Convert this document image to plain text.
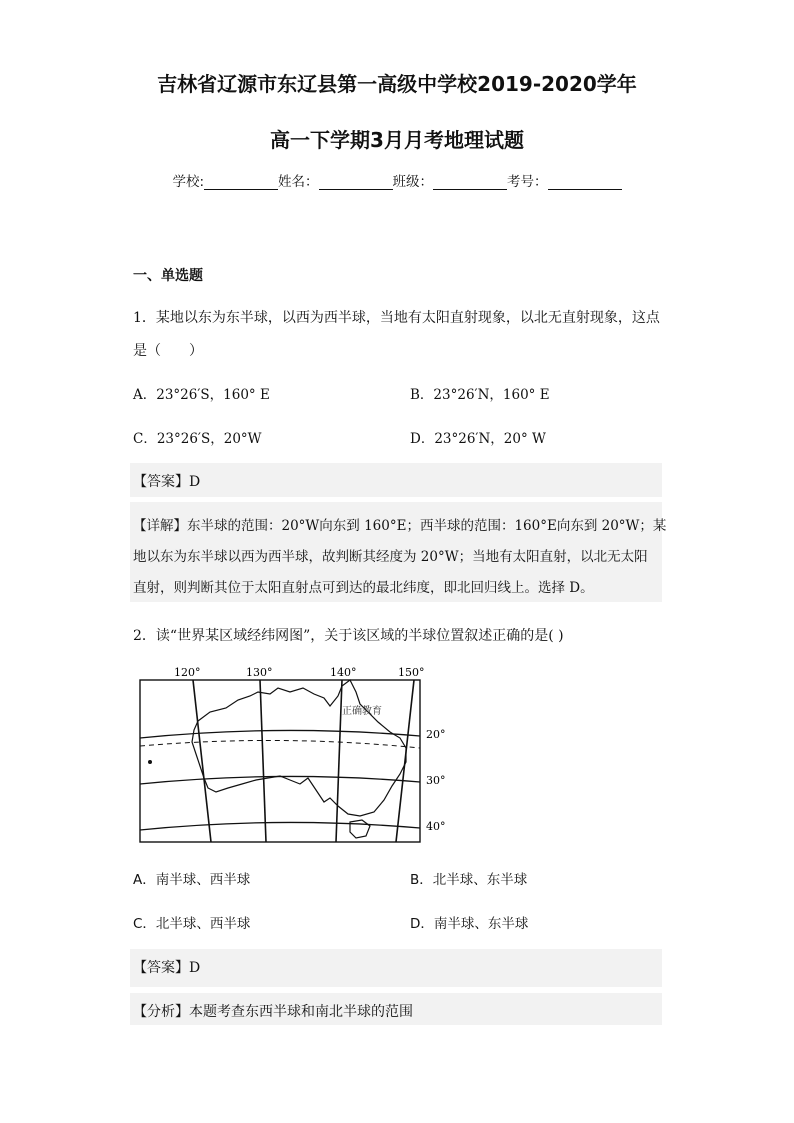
吉林省辽源市东辽县第一高级中学校2019-2020学年
高一下学期3月月考地理试题
学校:	姓名：	班级：	考号：
一、单选题
1．某地以东为东半球，以西为西半球，当地有太阳直射现象，以北无直射现象，这点
是（　　）
A．23°26′S，160° E	B．23°26′N，160° E
C．23°26′S，20°W	D．23°26′N，20° W
【答案】D
【详解】东半球的范围：20°W向东到 160°E；西半球的范围：160°E向东到 20°W；某
地以东为东半球以西为西半球，故判断其经度为 20°W；当地有太阳直射，以北无太阳
直射，则判断其位于太阳直射点可到达的最北纬度，即北回归线上。选择 D。
2．读“世界某区域经纬网图”，关于该区域的半球位置叙述正确的是( )
正确教育
120°	130°	140°	150°
20°
30°
40°
A．南半球、西半球	B．北半球、东半球
C．北半球、西半球	D．南半球、东半球
【答案】D
【分析】本题考查东西半球和南北半球的范围
